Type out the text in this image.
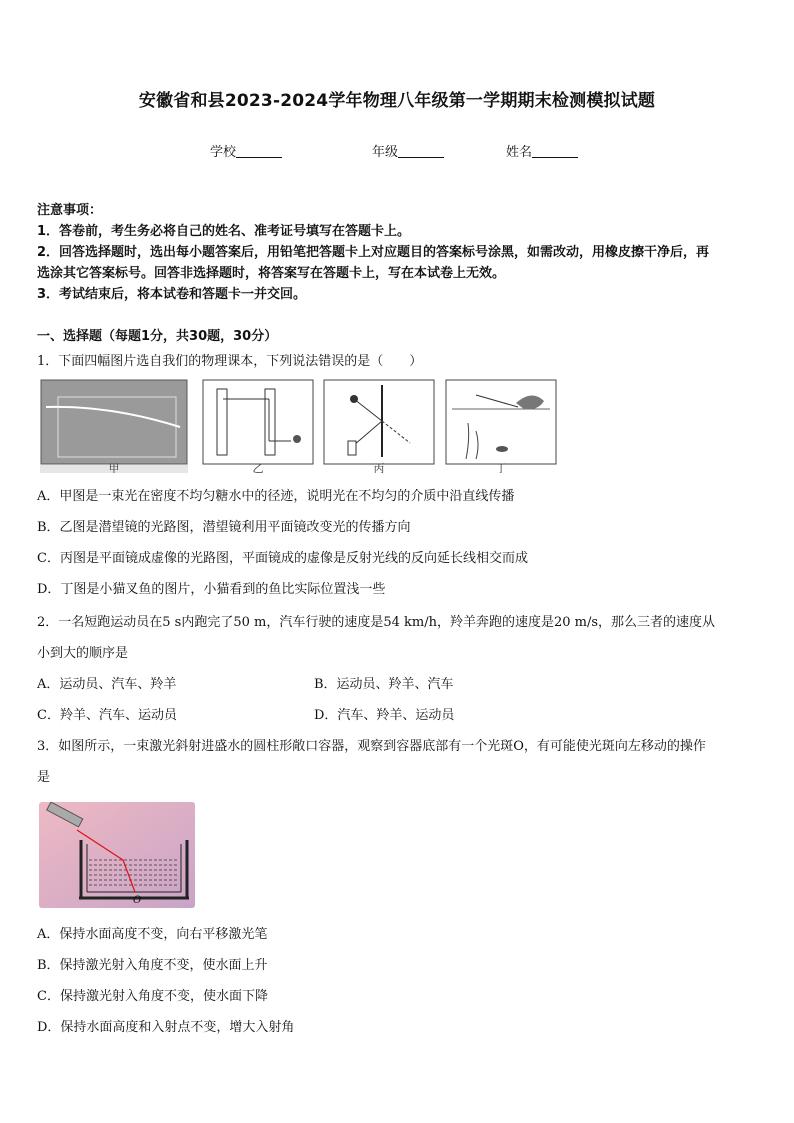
安徽省和县2023-2024学年物理八年级第一学期期末检测模拟试题
学校	年级	姓名
注意事项：
1．答卷前，考生务必将自己的姓名、准考证号填写在答题卡上。
2．回答选择题时，选出每小题答案后，用铅笔把答题卡上对应题目的答案标号涂黑，如需改动，用橡皮擦干净后，再
选涂其它答案标号。回答非选择题时，将答案写在答题卡上，写在本试卷上无效。
3．考试结束后，将本试卷和答题卡一并交回。
一、选择题（每题1分，共30题，30分）
1．下面四幅图片选自我们的物理课本，下列说法错误的是（　　）
甲	乙	丙	丁
A．甲图是一束光在密度不均匀糖水中的径迹，说明光在不均匀的介质中沿直线传播
B．乙图是潜望镜的光路图，潜望镜利用平面镜改变光的传播方向
C．丙图是平面镜成虚像的光路图，平面镜成的虚像是反射光线的反向延长线相交而成
D．丁图是小猫叉鱼的图片，小猫看到的鱼比实际位置浅一些
2．一名短跑运动员在5 s内跑完了50 m，汽车行驶的速度是54 km/h，羚羊奔跑的速度是20 m/s，那么三者的速度从
小到大的顺序是
A．运动员、汽车、羚羊	B．运动员、羚羊、汽车
C．羚羊、汽车、运动员	D．汽车、羚羊、运动员
3．如图所示，一束激光斜射进盛水的圆柱形敞口容器，观察到容器底部有一个光斑O，有可能使光斑向左移动的操作
是
O
A．保持水面高度不变，向右平移激光笔
B．保持激光射入角度不变，使水面上升
C．保持激光射入角度不变，使水面下降
D．保持水面高度和入射点不变，增大入射角
